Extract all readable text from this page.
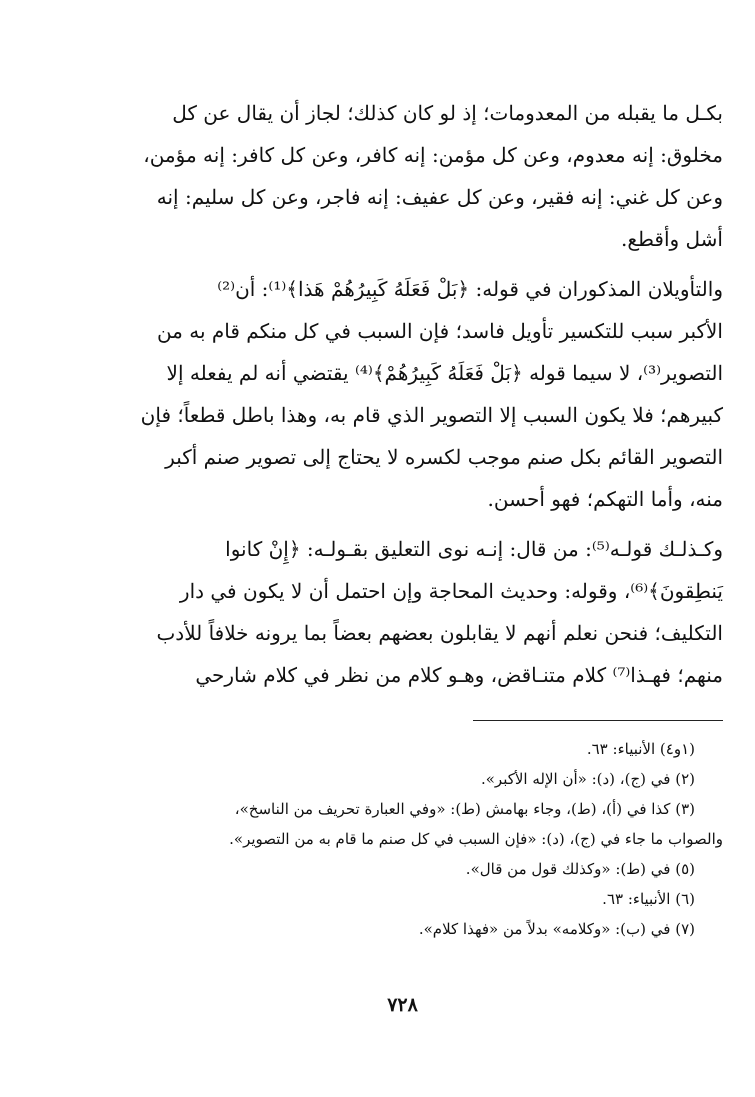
بكـل ما يقبله من المعدومات؛ إذ لو كان كذلك؛ لجاز أن يقال عن كل

مخلوق: إنه معدوم، وعن كل مؤمن: إنه كافر، وعن كل كافر: إنه مؤمن،

وعن كل غني: إنه فقير، وعن كل عفيف: إنه فاجر، وعن كل سليم: إنه

أشل وأقطع.

والتأويلان المذكوران في قوله: ﴿بَلْ فَعَلَهُ كَبِيرُهُمْ هَذا﴾⁽¹⁾: أن⁽²⁾

الأكبر سبب للتكسير تأويل فاسد؛ فإن السبب في كل منكم قام به من

التصوير⁽³⁾، لا سيما قوله ﴿بَلْ فَعَلَهُ كَبِيرُهُمْ﴾⁽⁴⁾ يقتضي أنه لم يفعله إلا

كبيرهم؛ فلا يكون السبب إلا التصوير الذي قام به، وهذا باطل قطعاً؛ فإن

التصوير القائم بكل صنم موجب لكسره لا يحتاج إلى تصوير صنم أكبر

منه، وأما التهكم؛ فهو أحسن.

وكـذلـك قولـه⁽⁵⁾: من قال: إنـه نوى التعليق بقـولـه: ﴿إِنْ كانوا

يَنطِقونَ﴾⁽⁶⁾، وقوله: وحديث المحاجة وإن احتمل أن لا يكون في دار

التكليف؛ فنحن نعلم أنهم لا يقابلون بعضهم بعضاً بما يرونه خلافاً للأدب

منهم؛ فهـذا⁽⁷⁾ كلام متنـاقض، وهـو كلام من نظر في كلام شارحي

(١و٤) الأنبياء: ٦٣.

(٢) في (ج)، (د): «أن الإله الأكبر».

(٣) كذا في (أ)، (ط)، وجاء بهامش (ط): «وفي العبارة تحريف من الناسخ»،

والصواب ما جاء في (ج)، (د): «فإن السبب في كل صنم ما قام به من التصوير».

(٥) في (ط): «وكذلك قول من قال».

(٦) الأنبياء: ٦٣.

(٧) في (ب): «وكلامه» بدلاً من «فهذا كلام».

٧٢٨
